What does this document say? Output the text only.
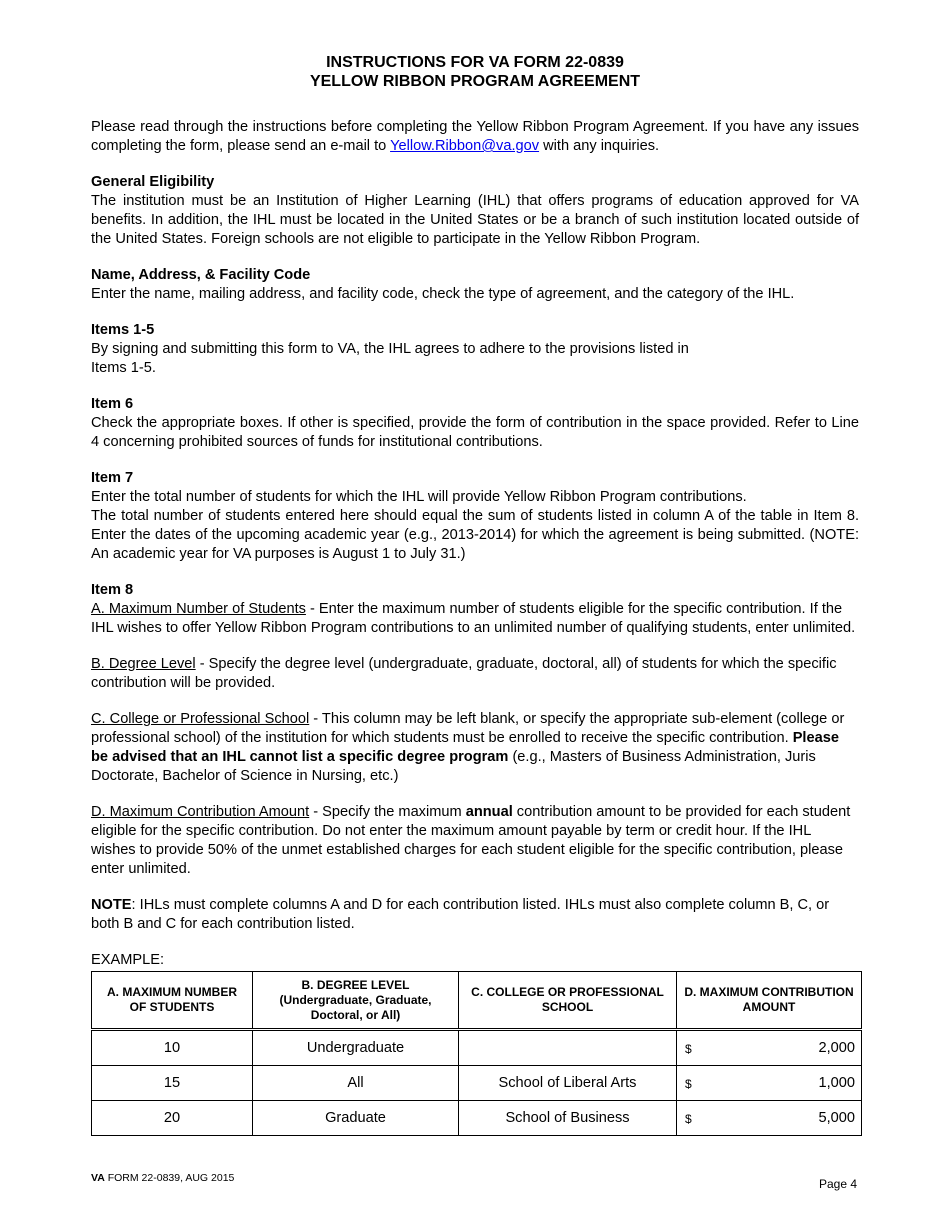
INSTRUCTIONS FOR VA FORM 22-0839

YELLOW RIBBON PROGRAM AGREEMENT

Please read through the instructions before completing the Yellow Ribbon Program Agreement. If you have any issues completing the form, please send an e-mail to Yellow.Ribbon@va.gov with any inquiries.

General Eligibility

The institution must be an Institution of Higher Learning (IHL) that offers programs of education approved for VA benefits. In addition, the IHL must be located in the United States or be a branch of such institution located outside of the United States. Foreign schools are not eligible to participate in the Yellow Ribbon Program.

Name, Address, & Facility Code

Enter the name, mailing address, and facility code, check the type of agreement, and the category of the IHL.

Items 1-5

By signing and submitting this form to VA, the IHL agrees to adhere to the provisions listed in

Items 1-5.

Item 6

Check the appropriate boxes. If other is specified, provide the form of contribution in the space provided. Refer to Line 4 concerning prohibited sources of funds for institutional contributions.

Item 7

Enter the total number of students for which the IHL will provide Yellow Ribbon Program contributions.

The total number of students entered here should equal the sum of students listed in column A of the table in Item 8. Enter the dates of the upcoming academic year (e.g., 2013-2014) for which the agreement is being submitted. (NOTE: An academic year for VA purposes is August 1 to July 31.)

Item 8

A. Maximum Number of Students - Enter the maximum number of students eligible for the specific contribution. If the IHL wishes to offer Yellow Ribbon Program contributions to an unlimited number of qualifying students, enter unlimited.

B. Degree Level - Specify the degree level (undergraduate, graduate, doctoral, all) of students for which the specific contribution will be provided.

C. College or Professional School - This column may be left blank, or specify the appropriate sub-element (college or professional school) of the institution for which students must be enrolled to receive the specific contribution. Please be advised that an IHL cannot list a specific degree program (e.g., Masters of Business Administration, Juris Doctorate, Bachelor of Science in Nursing, etc.)

D. Maximum Contribution Amount - Specify the maximum annual contribution amount to be provided for each student eligible for the specific contribution. Do not enter the maximum amount payable by term or credit hour. If the IHL wishes to provide 50% of the unmet established charges for each student eligible for the specific contribution, please enter unlimited.

NOTE: IHLs must complete columns A and D for each contribution listed. IHLs must also complete column B, C, or both B and C for each contribution listed.

EXAMPLE:

A. MAXIMUM NUMBER OF STUDENTS	B. DEGREE LEVEL (Undergraduate, Graduate, Doctoral, or All)	C. COLLEGE OR PROFESSIONAL SCHOOL	D. MAXIMUM CONTRIBUTION AMOUNT
10	Undergraduate		$ 2,000
15	All	School of Liberal Arts	$ 1,000
20	Graduate	School of Business	$ 5,000
VA FORM 22-0839, AUG 2015	Page 4
